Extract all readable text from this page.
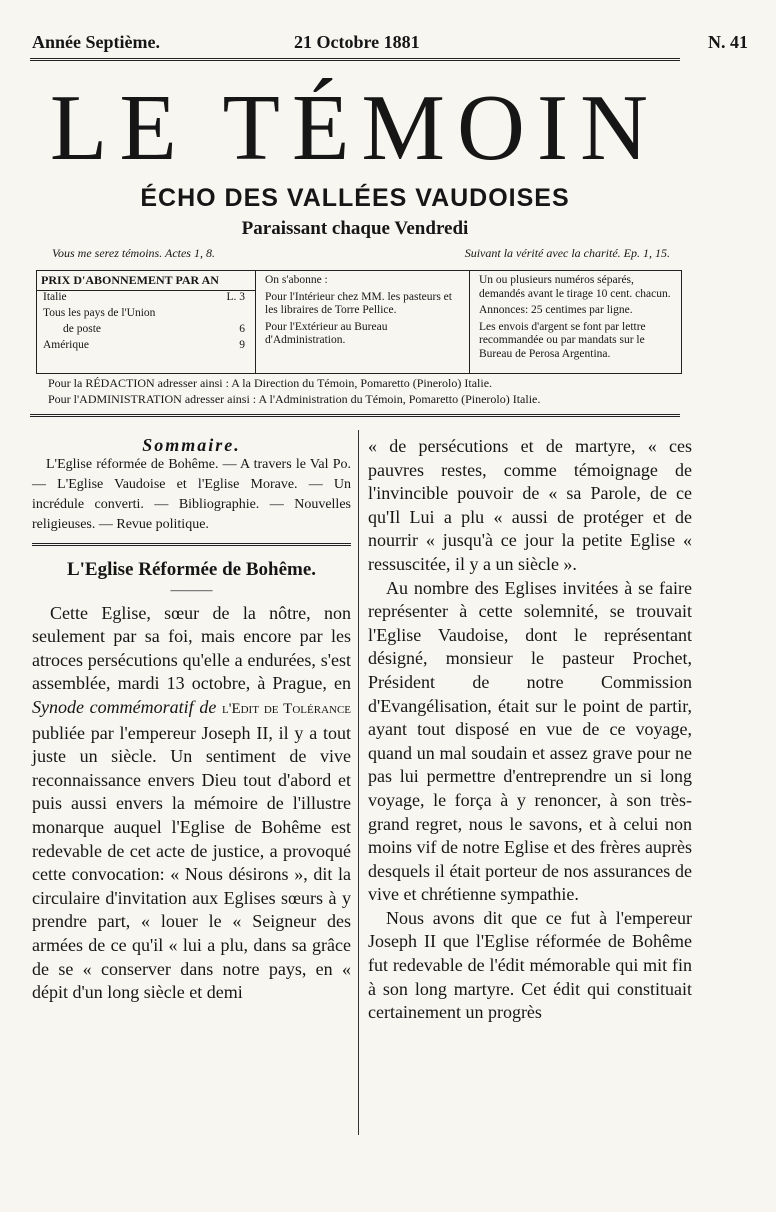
Année Septième.	21 Octobre 1881	N. 41
LE TÉMOIN
ÉCHO DES VALLÉES VAUDOISES
Paraissant chaque Vendredi
Vous me serez témoins. Actes 1, 8.	Suivant la vérité avec la charité. Ep. 1, 15.
PRIX D'ABONNEMENT PAR AN
Italie	L. 3
Tous les pays de l'Union
de poste	6
Amérique	9

On s'abonne :

Pour l'Intérieur chez MM. les pasteurs et les libraires de Torre Pellice.

Pour l'Extérieur au Bureau d'Administration.

Un ou plusieurs numéros séparés, demandés avant le tirage 10 cent. chacun.

Annonces: 25 centimes par ligne.

Les envois d'argent se font par lettre recommandée ou par mandats sur le Bureau de Perosa Argentina.

Pour la RÉDACTION adresser ainsi : A la Direction du Témoin, Pomaretto (Pinerolo) Italie.
Pour l'ADMINISTRATION adresser ainsi : A l'Administration du Témoin, Pomaretto (Pinerolo) Italie.
Sommaire.

L'Eglise réformée de Bohême. — A travers le Val Po. — L'Eglise Vaudoise et l'Eglise Morave. — Un incrédule converti. — Bibliographie. — Nouvelles religieuses. — Revue politique.

L'Eglise Réformée de Bohême.
———

Cette Eglise, sœur de la nôtre, non seulement par sa foi, mais encore par les atroces persécutions qu'elle a endurées, s'est assemblée, mardi 13 octobre, à Prague, en Synode commémoratif de l'Edit de Tolérance publiée par l'empereur Joseph II, il y a tout juste un siècle. Un sentiment de vive reconnaissance envers Dieu tout d'abord et puis aussi envers la mémoire de l'illustre monarque auquel l'Eglise de Bohême est redevable de cet acte de justice, a provoqué cette convocation: « Nous désirons », dit la circulaire d'invitation aux Eglises sœurs à y prendre part, « louer le « Seigneur des armées de ce qu'il « lui a plu, dans sa grâce de se « conserver dans notre pays, en « dépit d'un long siècle et demi

« de persécutions et de martyre, « ces pauvres restes, comme témoignage de l'invincible pouvoir de « sa Parole, de ce qu'Il Lui a plu « aussi de protéger et de nourrir « jusqu'à ce jour la petite Eglise « ressuscitée, il y a un siècle ».

Au nombre des Eglises invitées à se faire représenter à cette solemnité, se trouvait l'Eglise Vaudoise, dont le représentant désigné, monsieur le pasteur Prochet, Président de notre Commission d'Evangélisation, était sur le point de partir, ayant tout disposé en vue de ce voyage, quand un mal soudain et assez grave pour ne pas lui permettre d'entreprendre un si long voyage, le força à y renoncer, à son très-grand regret, nous le savons, et à celui non moins vif de notre Eglise et des frères auprès desquels il était porteur de nos assurances de vive et chrétienne sympathie.

Nous avons dit que ce fut à l'empereur Joseph II que l'Eglise réformée de Bohême fut redevable de l'édit mémorable qui mit fin à son long martyre. Cet édit qui constituait certainement un progrès
